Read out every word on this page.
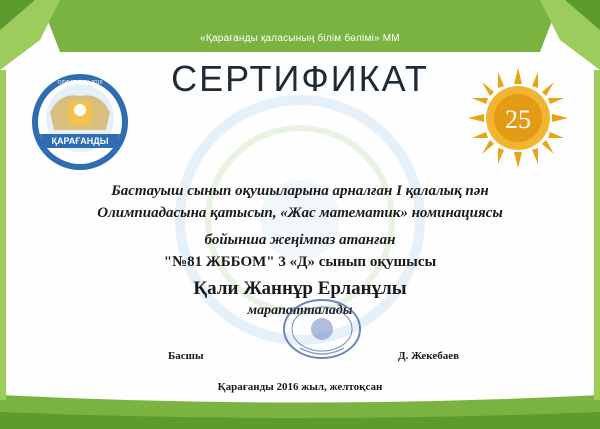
«Қарағанды қаласының білім бөлімі» ММ
СЕРТИФИКАТ
ҚАРАҒАНДЫ
ОЛИМПИАДА-2016
25
Бастауыш сынып оқушыларына арналған І қалалық пән
Олимпиадасына қатысып, «Жас математик» номинациясы
бойынша жеңімпаз атанған
"№81 ЖББОМ" 3 «Д» сынып оқушысы
Қали Жаннұр Ерланұлы
марапатталады
Басшы	Д. Жекебаев
Қарағанды 2016 жыл, желтоқсан
